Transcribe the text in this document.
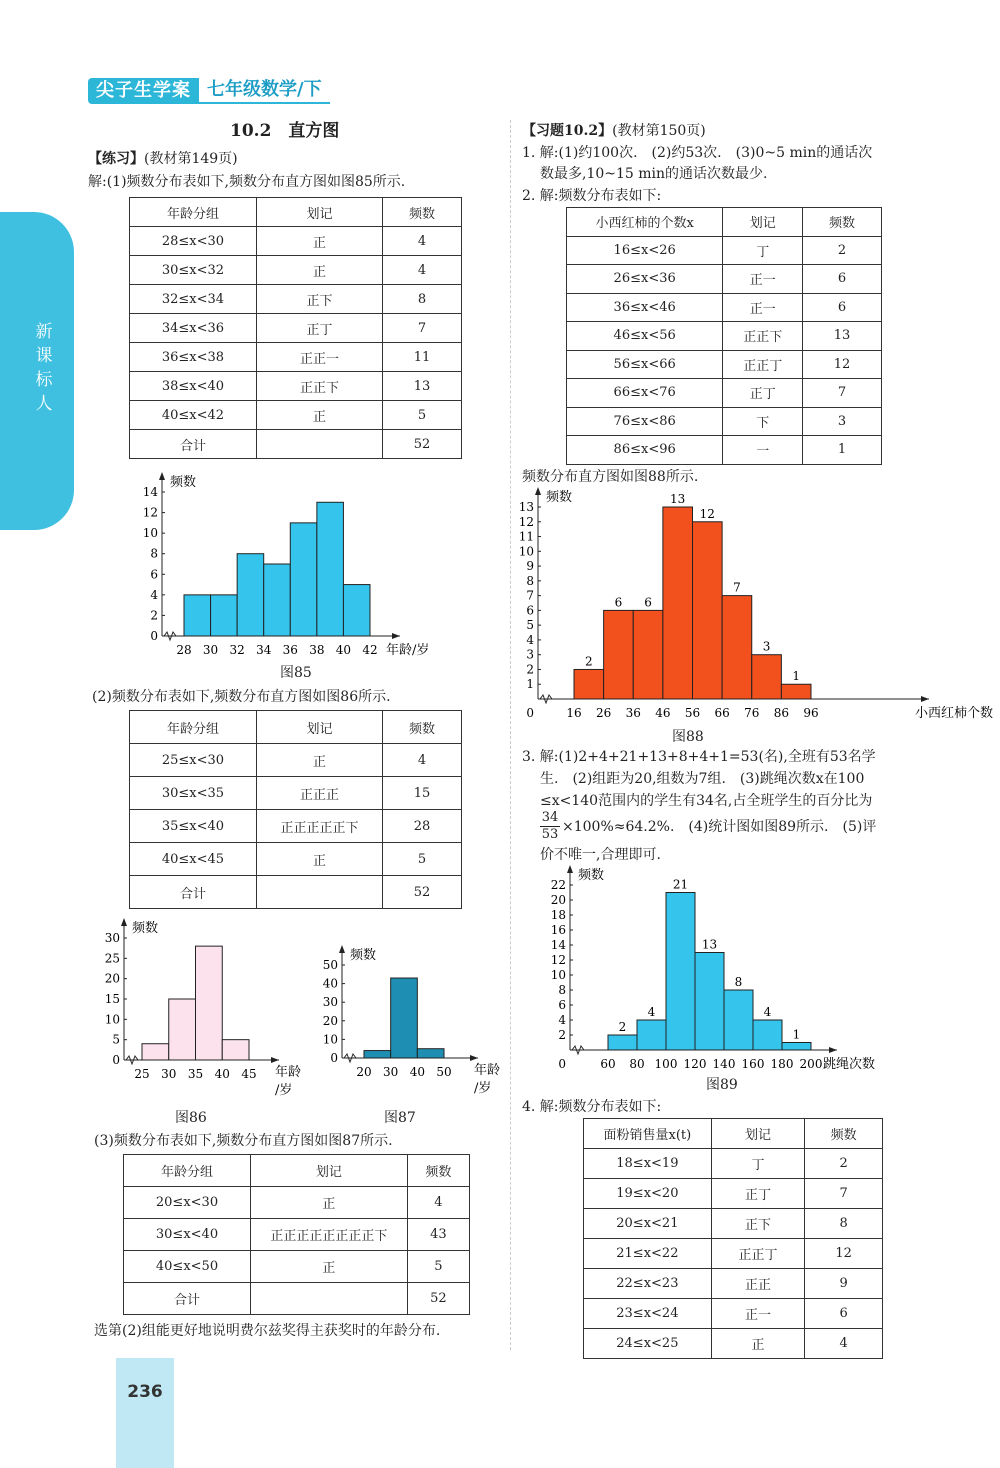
尖子生学案 七年级数学/下
新课标人
10.2　直方图
【练习】(教材第149页)
解:(1)频数分布表如下,频数分布直方图如图85所示.
年龄分组	划记	频数
28≤x<30	正	4
30≤x<32	正	4
32≤x<34	正下	8
34≤x<36	正丁	7
36≤x<38	正正一	11
38≤x<40	正正下	13
40≤x<42	正	5
合计		52
0
2
4
6
8
10
12
14
28 30 32 34 36 38 40 42
频数
年龄/岁
图85
(2)频数分布表如下,频数分布直方图如图86所示.
年龄分组	划记	频数
25≤x<30	正	4
30≤x<35	正正正	15
35≤x<40	正正正正正下	28
40≤x<45	正	5
合计		52
0
5
10
15
20
25
30
25 30 35 40 45
频数
年龄
/岁
0
10
20
30
40
50
20 30 40 50
频数
年龄
/岁
图86	图87
(3)频数分布表如下,频数分布直方图如图87所示.
年龄分组	划记	频数
20≤x<30	正	4
30≤x<40	正正正正正正正正下	43
40≤x<50	正	5
合计		52
选第(2)组能更好地说明费尔兹奖得主获奖时的年龄分布.
236
【习题10.2】(教材第150页)
1. 解:(1)约100次.　(2)约53次.　(3)0~5 min的通话次
数最多,10~15 min的通话次数最少.
2. 解:频数分布表如下:
小西红柿的个数x	划记	频数
16≤x<26	丁	2
26≤x<36	正一	6
36≤x<46	正一	6
46≤x<56	正正下	13
56≤x<66	正正丁	12
66≤x<76	正丁	7
76≤x<86	下	3
86≤x<96	一	1
频数分布直方图如图88所示.
2
6 6
13
12
7
3
1
1
2
3
4
5
6
7
8
9
10
11
12
13
16 26 36 46 56 66 76 86 96
0
频数
小西红柿个数
图88
3. 解:(1)2+4+21+13+8+4+1=53(名),全班有53名学
生.　(2)组距为20,组数为7组.　(3)跳绳次数x在100
≤x<140范围内的学生有34名,占全班学生的百分比为
$\frac{34}{53} \times 100\%\approx 64.2\%$.　(4)统计图如图89所示.　(5)评
价不唯一,合理即可.
2
4
21
13
8
4
1
2
4
6
8
10
12
14
16
18
20
22
60 80 100 120 140 160 180 200
0
频数
跳绳次数
图89
4. 解:频数分布表如下:
面粉销售量x(t)	划记	频数
18≤x<19	丁	2
19≤x<20	正丁	7
20≤x<21	正下	8
21≤x<22	正正丁	12
22≤x<23	正正	9
23≤x<24	正一	6
24≤x<25	正	4
